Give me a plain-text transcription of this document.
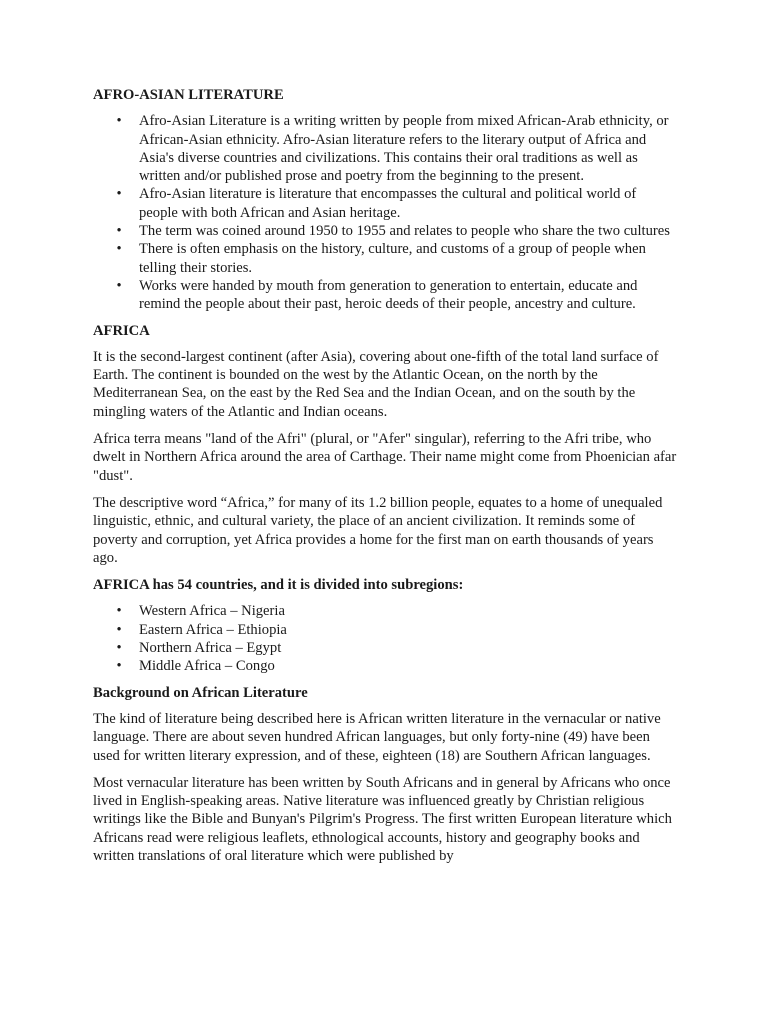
AFRO-ASIAN LITERATURE
• Afro-Asian Literature is a writing written by people from mixed African-Arab ethnicity, or African-Asian ethnicity. Afro-Asian literature refers to the literary output of Africa and Asia's diverse countries and civilizations. This contains their oral traditions as well as written and/or published prose and poetry from the beginning to the present.
• Afro-Asian literature is literature that encompasses the cultural and political world of people with both African and Asian heritage.
• The term was coined around 1950 to 1955 and relates to people who share the two cultures
• There is often emphasis on the history, culture, and customs of a group of people when telling their stories.
• Works were handed by mouth from generation to generation to entertain, educate and remind the people about their past, heroic deeds of their people, ancestry and culture.
AFRICA

It is the second-largest continent (after Asia), covering about one-fifth of the total land surface of Earth. The continent is bounded on the west by the Atlantic Ocean, on the north by the Mediterranean Sea, on the east by the Red Sea and the Indian Ocean, and on the south by the mingling waters of the Atlantic and Indian oceans.

Africa terra means "land of the Afri" (plural, or "Afer" singular), referring to the Afri tribe, who dwelt in Northern Africa around the area of Carthage. Their name might come from Phoenician afar "dust".

The descriptive word “Africa,” for many of its 1.2 billion people, equates to a home of unequaled linguistic, ethnic, and cultural variety, the place of an ancient civilization. It reminds some of poverty and corruption, yet Africa provides a home for the first man on earth thousands of years ago.

AFRICA has 54 countries, and it is divided into subregions:
• Western Africa – Nigeria
• Eastern Africa – Ethiopia
• Northern Africa – Egypt
• Middle Africa – Congo
Background on African Literature

The kind of literature being described here is African written literature in the vernacular or native language. There are about seven hundred African languages, but only forty-nine (49) have been used for written literary expression, and of these, eighteen (18) are Southern African languages.

Most vernacular literature has been written by South Africans and in general by Africans who once lived in English-speaking areas. Native literature was influenced greatly by Christian religious writings like the Bible and Bunyan's Pilgrim's Progress. The first written European literature which Africans read were religious leaflets, ethnological accounts, history and geography books and written translations of oral literature which were published by
